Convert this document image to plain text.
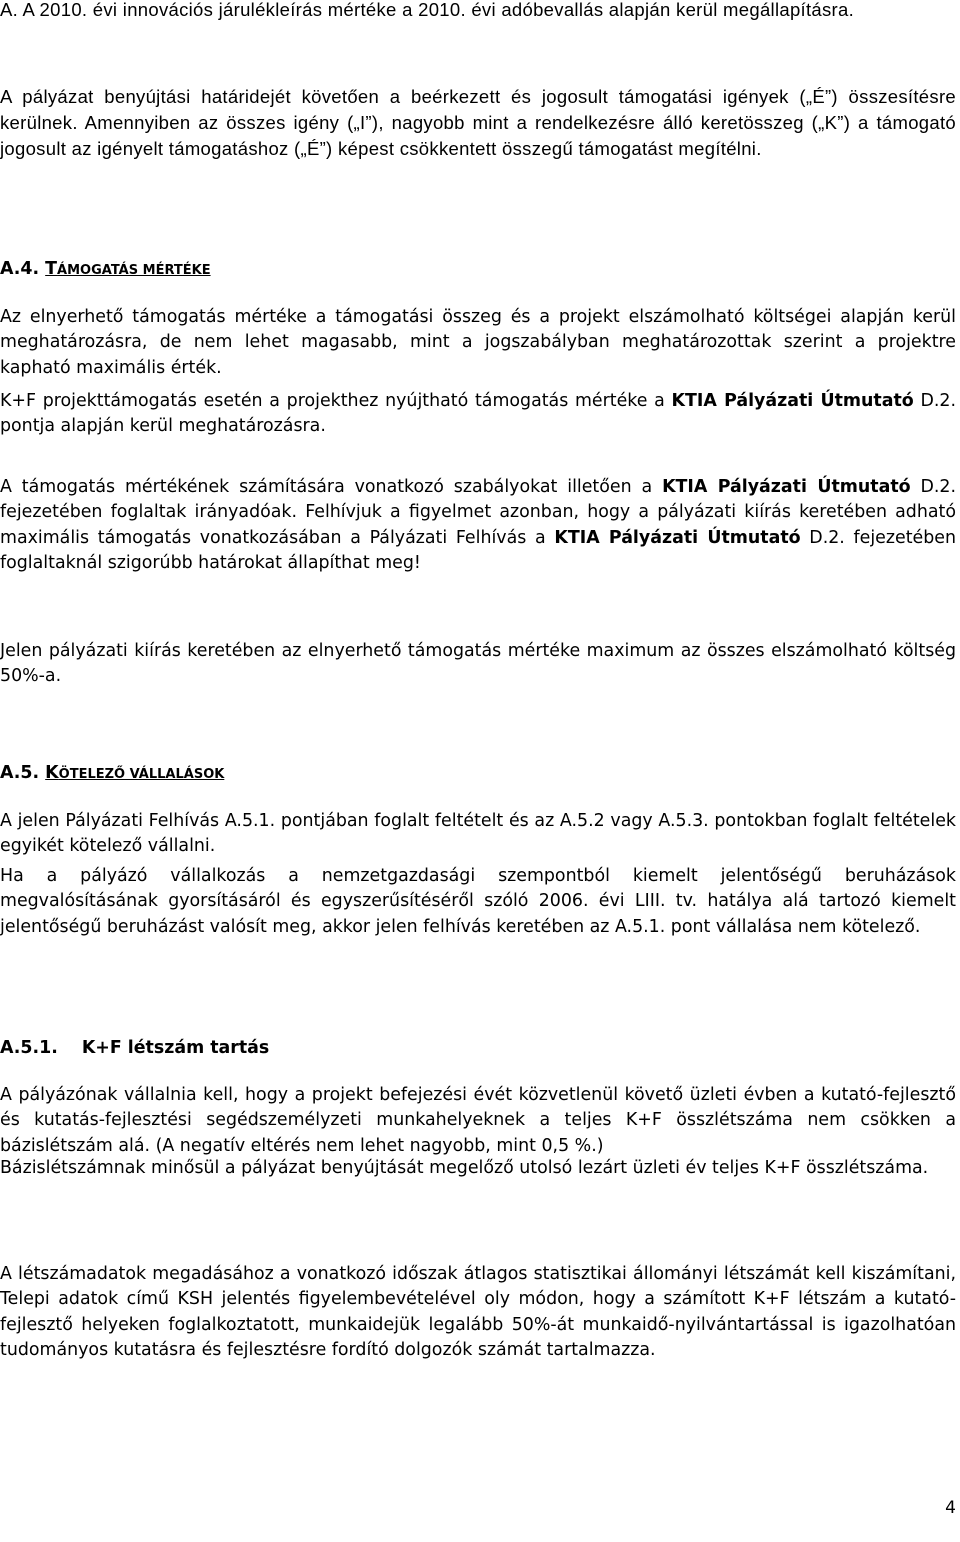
A. A 2010. évi innovációs járulékleírás mértéke a 2010. évi adóbevallás alapján kerül megállapításra.

A pályázat benyújtási határidejét követően a beérkezett és jogosult támogatási igények („É”) összesítésre kerülnek. Amennyiben az összes igény („I”), nagyobb mint a rendelkezésre álló keretösszeg („K”) a támogató jogosult az igényelt támogatáshoz („É”) képest csökkentett összegű támogatást megítélni.

A.4. TÁMOGATÁS MÉRTÉKE

Az elnyerhető támogatás mértéke a támogatási összeg és a projekt elszámolható költségei alapján kerül meghatározásra, de nem lehet magasabb, mint a jogszabályban meghatározottak szerint a projektre kapható maximális érték.

K+F projekttámogatás esetén a projekthez nyújtható támogatás mértéke a KTIA Pályázati Útmutató D.2. pontja alapján kerül meghatározásra.

A támogatás mértékének számítására vonatkozó szabályokat illetően a KTIA Pályázati Útmutató D.2. fejezetében foglaltak irányadóak. Felhívjuk a figyelmet azonban, hogy a pályázati kiírás keretében adható maximális támogatás vonatkozásában a Pályázati Felhívás a KTIA Pályázati Útmutató D.2. fejezetében foglaltaknál szigorúbb határokat állapíthat meg!

Jelen pályázati kiírás keretében az elnyerhető támogatás mértéke maximum az összes elszámolható költség 50%-a.

A.5. KÖTELEZŐ VÁLLALÁSOK

A jelen Pályázati Felhívás A.5.1. pontjában foglalt feltételt és az A.5.2 vagy A.5.3. pontokban foglalt feltételek egyikét kötelező vállalni.

Ha a pályázó vállalkozás a nemzetgazdasági szempontból kiemelt jelentőségű beruházások megvalósításának gyorsításáról és egyszerűsítéséről szóló 2006. évi LIII. tv. hatálya alá tartozó kiemelt jelentőségű beruházást valósít meg, akkor jelen felhívás keretében az A.5.1. pont vállalása nem kötelező.

A.5.1. K+F létszám tartás

A pályázónak vállalnia kell, hogy a projekt befejezési évét közvetlenül követő üzleti évben a kutató-fejlesztő és kutatás-fejlesztési segédszemélyzeti munkahelyeknek a teljes K+F összlétszáma nem csökken a bázislétszám alá. (A negatív eltérés nem lehet nagyobb, mint 0,5 %.)

Bázislétszámnak minősül a pályázat benyújtását megelőző utolsó lezárt üzleti év teljes K+F összlétszáma.

A létszámadatok megadásához a vonatkozó időszak átlagos statisztikai állományi létszámát kell kiszámítani, Telepi adatok című KSH jelentés figyelembevételével oly módon, hogy a számított K+F létszám a kutató-fejlesztő helyeken foglalkoztatott, munkaidejük legalább 50%-át munkaidő-nyilvántartással is igazolhatóan tudományos kutatásra és fejlesztésre fordító dolgozók számát tartalmazza.

4
